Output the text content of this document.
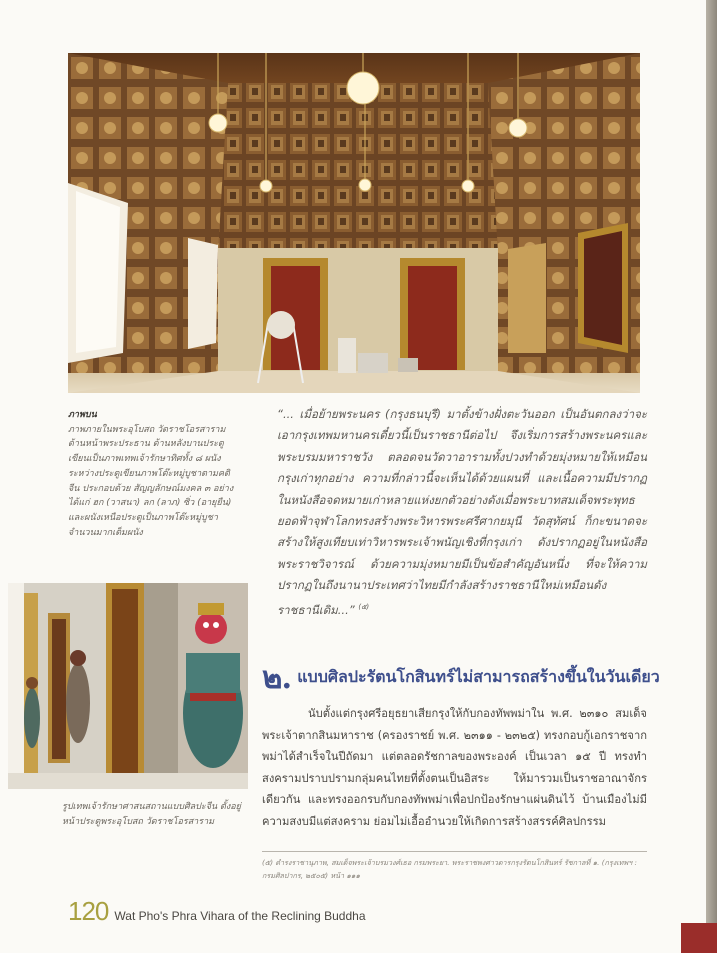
ภาพบน
ภาพภายในพระอุโบสถ วัดราชโอรสาราม ด้านหน้าพระประธาน ด้านหลังบานประตู เขียนเป็นภาพเทพเจ้ารักษาทิศทั้ง ๘ ผนัง ระหว่างประตูเขียนภาพโต๊ะหมู่บูชาตามคติจีน ประกอบด้วย สัญญลักษณ์มงคล ๓ อย่าง ได้แก่ ฮก (วาสนา) ลก (ลาภ) ซิ่ว (อายุยืน) และผนังเหนือประตูเป็นภาพโต๊ะหมู่บูชา จำนวนมากเต็มผนัง

“... เมื่อย้ายพระนคร (กรุงธนบุรี) มาตั้งข้างฝั่งตะวันออก เป็นอันตกลงว่าจะเอากรุงเทพมหานครเดี๋ยวนี้เป็นราชธานีต่อไป จึงเริ่มการสร้างพระนครและพระบรมมหาราชวัง ตลอดจนวัดวาอารามทั้งปวงทำด้วยมุ่งหมายให้เหมือนกรุงเก่าทุกอย่าง ความที่กล่าวนี้จะเห็นได้ด้วยแผนที่ และเนื้อความมีปรากฏในหนังสือจดหมายเก่าหลายแห่งยกตัวอย่างดังเมื่อพระบาทสมเด็จพระพุทธยอดฟ้าจุฬาโลกทรงสร้างพระวิหารพระศรีศากยมุนี วัดสุทัศน์ ก็กะขนาดจะสร้างให้สูงเทียบเท่าวิหารพระเจ้าพนัญเชิงที่กรุงเก่า ดังปรากฏอยู่ในหนังสือพระราชวิจารณ์ ด้วยความมุ่งหมายมีเป็นข้อสำคัญอันหนึ่ง ที่จะให้ความปรากฏในถึงนานาประเทศว่าไทยมีกำลังสร้างราชธานีใหม่เหมือนดังราชธานีเดิม...” $^{(๕)}$

รูปเทพเจ้ารักษาศาสนสถานแบบศิลปะจีน ตั้งอยู่หน้าประตูพระอุโบสถ วัดราชโอรสาราม

๒. แบบศิลปะรัตนโกสินทร์ไม่สามารถสร้างขึ้นในวันเดียว

นับตั้งแต่กรุงศรีอยุธยาเสียกรุงให้กับกองทัพพม่าใน พ.ศ. ๒๓๑๐ สมเด็จพระเจ้าตากสินมหาราช (ครองราชย์ พ.ศ. ๒๓๑๑ - ๒๓๒๕) ทรงกอบกู้เอกราชจากพม่าได้สำเร็จในปีถัดมา แต่ตลอดรัชกาลของพระองค์ เป็นเวลา ๑๕ ปี ทรงทำสงครามปราบปรามกลุ่มคนไทยที่ตั้งตนเป็นอิสระ ให้มารวมเป็นราชอาณาจักรเดียวกัน และทรงออกรบกับกองทัพพม่าเพื่อปกป้องรักษาแผ่นดินไว้ บ้านเมืองไม่มีความสงบมีแต่สงคราม ย่อมไม่เอื้ออำนวยให้เกิดการสร้างสรรค์ศิลปกรรม

(๕) ดำรงราชานุภาพ, สมเด็จพระเจ้าบรมวงศ์เธอ กรมพระยา. พระราชพงศาวดารกรุงรัตนโกสินทร์ รัชกาลที่ ๑. (กรุงเทพฯ : กรมศิลปากร, ๒๕๐๕) หน้า ๑๑๑

120 Wat Pho's Phra Vihara of the Reclining Buddha
